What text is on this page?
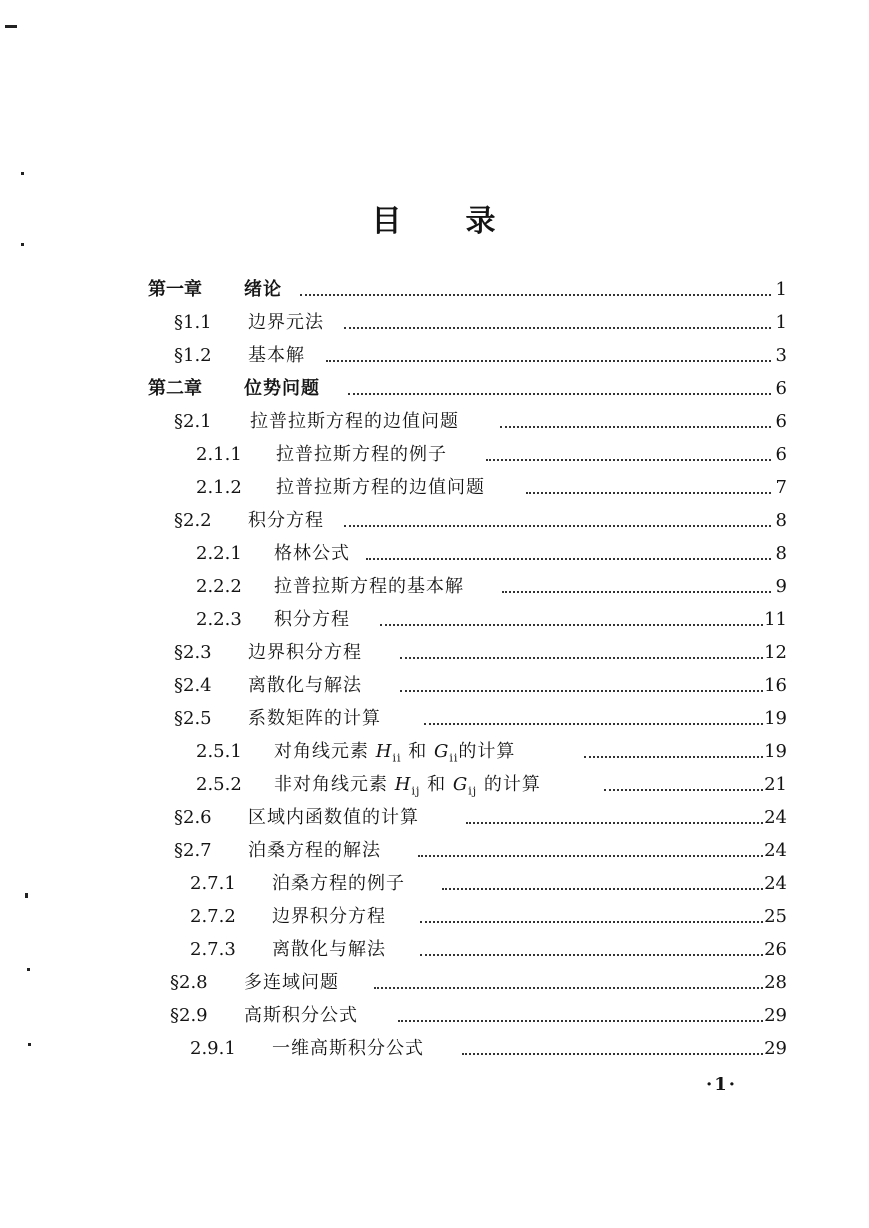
目 录
第一章 绪论	1
§1.1 边界元法	1
§1.2 基本解	3
第二章 位势问题	6
§2.1 拉普拉斯方程的边值问题	6
2.1.1 拉普拉斯方程的例子	6
2.1.2 拉普拉斯方程的边值问题	7
§2.2 积分方程	8
2.2.1 格林公式	8
2.2.2 拉普拉斯方程的基本解	9
2.2.3 积分方程	11
§2.3 边界积分方程	12
§2.4 离散化与解法	16
§2.5 系数矩阵的计算	19
2.5.1 对角线元素 $H_{ii}$ 和 $G_{ii}$的计算	19
2.5.2 非对角线元素 $H_{ij}$ 和 $G_{ij}$ 的计算	21
§2.6 区域内函数值的计算	24
§2.7 泊桑方程的解法	24
2.7.1 泊桑方程的例子	24
2.7.2 边界积分方程	25
2.7.3 离散化与解法	26
§2.8 多连域问题	28
§2.9 高斯积分公式	29
2.9.1 一维高斯积分公式	29
·1·
